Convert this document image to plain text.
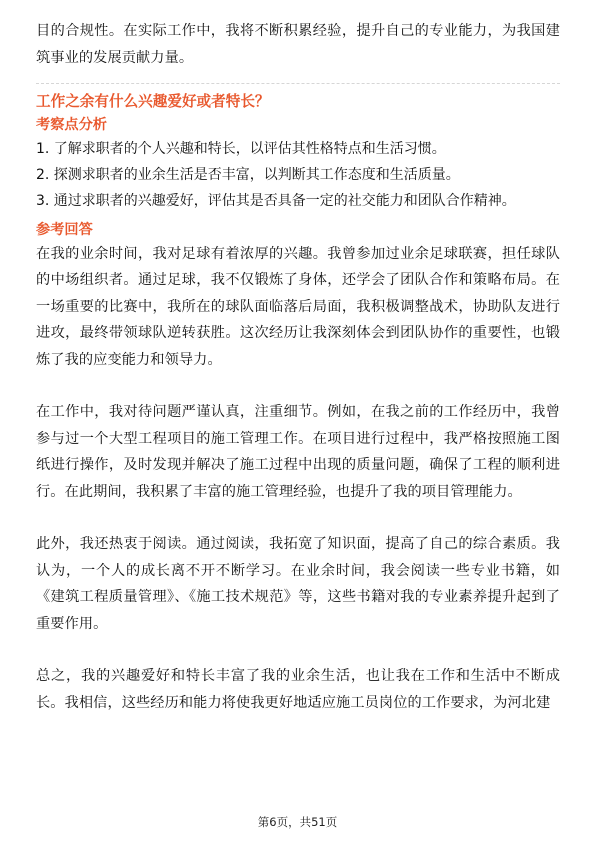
目的合规性。在实际工作中，我将不断积累经验，提升自己的专业能力，为我国建筑事业的发展贡献力量。

工作之余有什么兴趣爱好或者特长？

考察点分析

1. 了解求职者的个人兴趣和特长，以评估其性格特点和生活习惯。
2. 探测求职者的业余生活是否丰富，以判断其工作态度和生活质量。
3. 通过求职者的兴趣爱好，评估其是否具备一定的社交能力和团队合作精神。

参考回答

在我的业余时间，我对足球有着浓厚的兴趣。我曾参加过业余足球联赛，担任球队的中场组织者。通过足球，我不仅锻炼了身体，还学会了团队合作和策略布局。在一场重要的比赛中，我所在的球队面临落后局面，我积极调整战术，协助队友进行进攻，最终带领球队逆转获胜。这次经历让我深刻体会到团队协作的重要性，也锻炼了我的应变能力和领导力。

在工作中，我对待问题严谨认真，注重细节。例如，在我之前的工作经历中，我曾参与过一个大型工程项目的施工管理工作。在项目进行过程中，我严格按照施工图纸进行操作，及时发现并解决了施工过程中出现的质量问题，确保了工程的顺利进行。在此期间，我积累了丰富的施工管理经验，也提升了我的项目管理能力。

此外，我还热衷于阅读。通过阅读，我拓宽了知识面，提高了自己的综合素质。我认为，一个人的成长离不开不断学习。在业余时间，我会阅读一些专业书籍，如《建筑工程质量管理》、《施工技术规范》等，这些书籍对我的专业素养提升起到了重要作用。

总之，我的兴趣爱好和特长丰富了我的业余生活，也让我在工作和生活中不断成长。我相信，这些经历和能力将使我更好地适应施工员岗位的工作要求，为河北建

第6页，共51页
